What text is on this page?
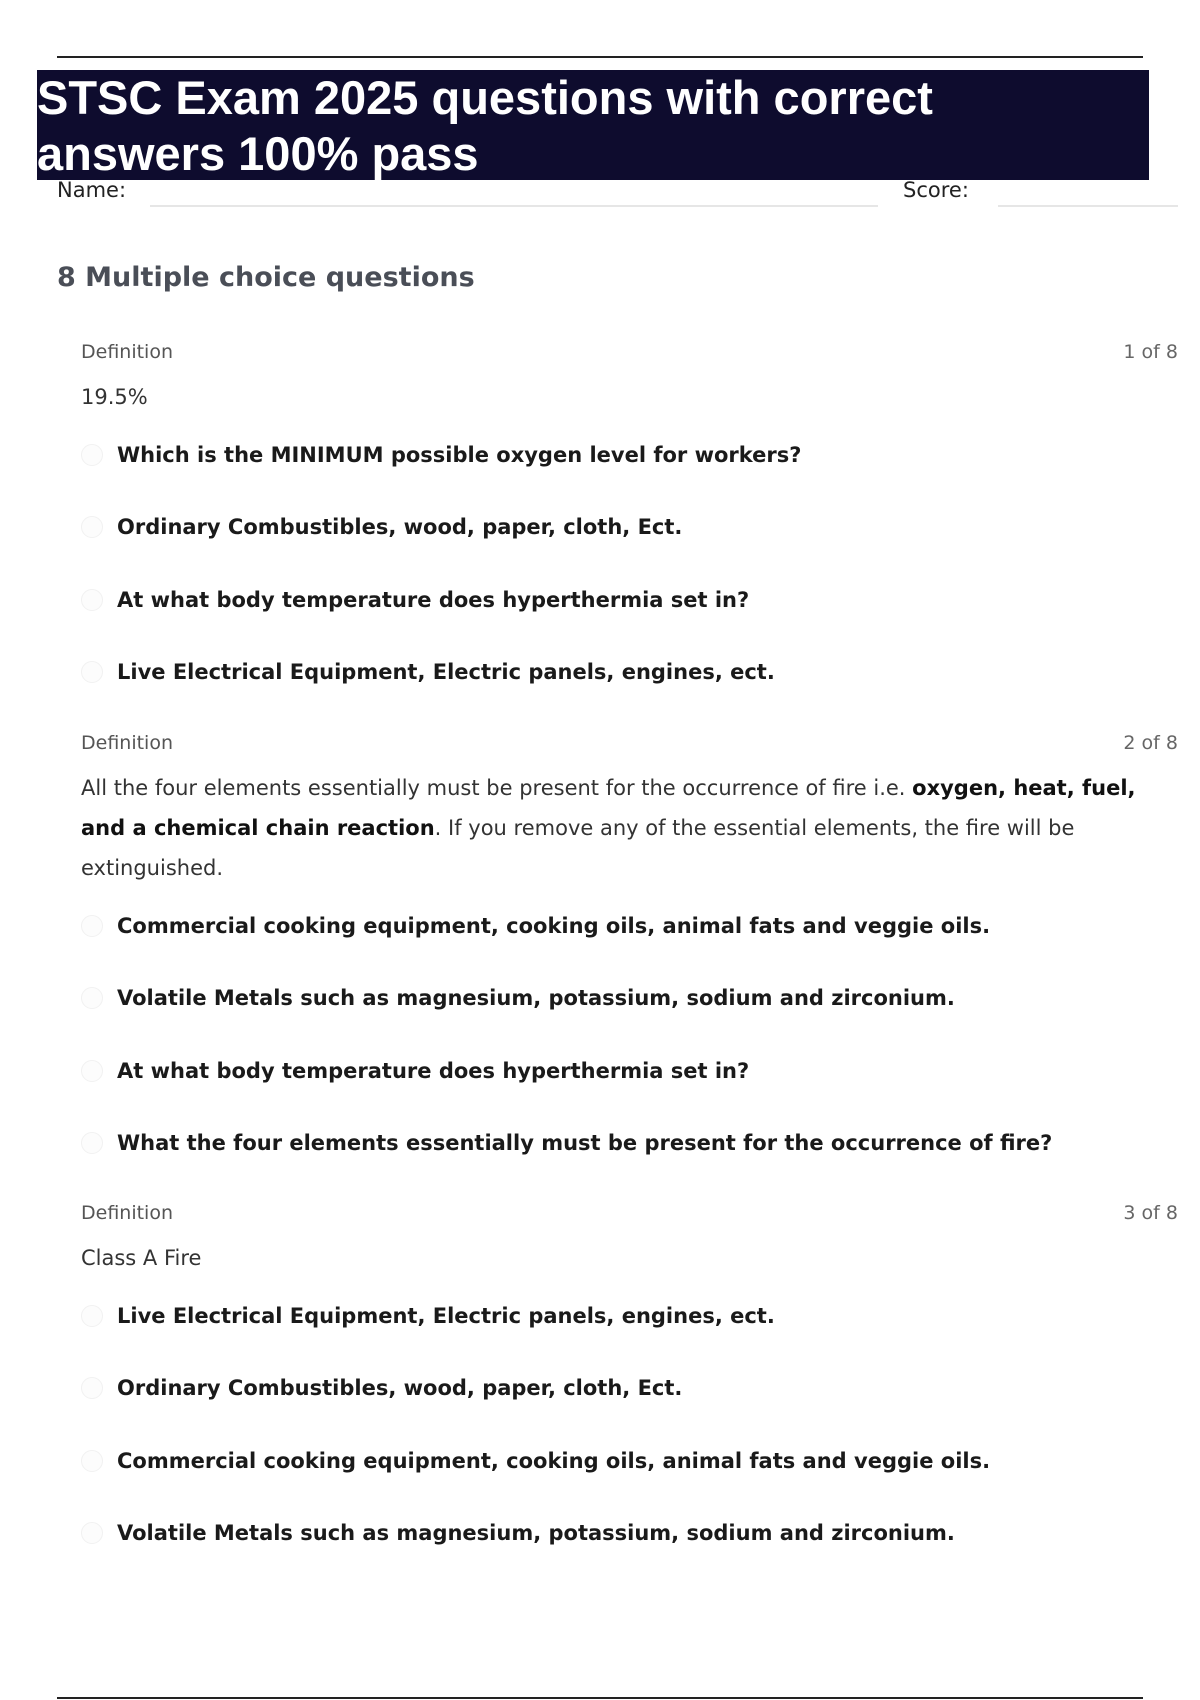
STSC Exam 2025 questions with correct answers 100% pass
Name:	Score:
8 Multiple choice questions
Definition	1 of 8
19.5%
Which is the MINIMUM possible oxygen level for workers?
Ordinary Combustibles, wood, paper, cloth, Ect.
At what body temperature does hyperthermia set in?
Live Electrical Equipment, Electric panels, engines, ect.
Definition	2 of 8
All the four elements essentially must be present for the occurrence of fire i.e. oxygen, heat, fuel, and a chemical chain reaction. If you remove any of the essential elements, the fire will be extinguished.
Commercial cooking equipment, cooking oils, animal fats and veggie oils.
Volatile Metals such as magnesium, potassium, sodium and zirconium.
At what body temperature does hyperthermia set in?
What the four elements essentially must be present for the occurrence of fire?
Definition	3 of 8
Class A Fire
Live Electrical Equipment, Electric panels, engines, ect.
Ordinary Combustibles, wood, paper, cloth, Ect.
Commercial cooking equipment, cooking oils, animal fats and veggie oils.
Volatile Metals such as magnesium, potassium, sodium and zirconium.
